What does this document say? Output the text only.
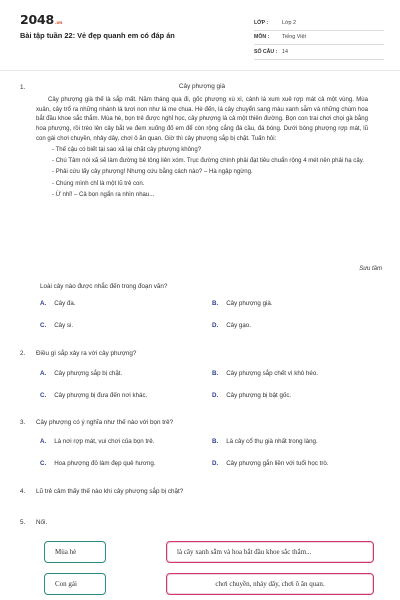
2048.vn
Bài tập tuần 22: Vẻ đẹp quanh em có đáp án
LỚP :	Lớp 2
MÔN :	Tiếng Việt
SỐ CÂU : 14
1.	Cây phượng già

Cây phượng già thế là sắp mất. Năm tháng qua đi, gốc phượng xù xì, cành lá xum xuê rợp mát cả một vùng. Mùa xuân, cây trổ ra những nhánh lá tươi non như lá me chua. Hè đến, lá cây chuyển sang màu xanh sẫm và những chùm hoa bắt đầu khoe sắc thắm. Mùa hè, bọn trẻ được nghỉ học, cây phượng là cả một thiên đường. Bọn con trai chơi chọi gà bằng hoa phượng, rồi trèo lên cây bắt ve đem xuống đố em để còn rộng cắng đá cầu, đá bóng. Dưới bóng phượng rợp mát, lũ con gái chơi chuyền, nhảy dây, chơi ô ăn quan. Giờ thì cây phượng sắp bị chặt. Tuấn hỏi:

- Thế cậu có biết tại sao xã lại chặt cây phượng không?

- Chú Tâm nói xã sẽ làm đường bê tông liên xóm. Trục đường chính phải đạt tiêu chuẩn rộng 4 mét nên phải hạ cây.

- Phải cứu lấy cây phượng! Nhưng cứu bằng cách nào? – Hà ngập ngừng.

- Chúng mình chỉ là một lũ trẻ con.

- Ừ nhỉ! – Cả bọn ngẩn ra nhìn nhau...

Sưu tầm
Loài cây nào được nhắc đến trong đoạn văn?
A. Cây đa.	B. Cây phượng già.
C. Cây si.	D. Cây gạo.
2. Điều gì sắp xảy ra với cây phượng?
A. Cây phượng sắp bị chặt.	B. Cây phượng sắp chết vì khô héo.
C. Cây phượng bị đưa đến nơi khác.	D. Cây phượng bị bật gốc.
3. Cây phượng có ý nghĩa như thế nào với bọn trẻ?
A. Là nơi rợp mát, vui chơi của bọn trẻ.	B. Là cây cổ thụ già nhất trong làng.
C. Hoa phượng đỏ làm đẹp quê hương.	D. Cây phượng gắn liền với tuổi học trò.
4. Lũ trẻ cảm thấy thế nào khi cây phượng sắp bị chặt?
5. Nối.
Mùa hè	là cây xanh sẫm và hoa bắt đầu khoe sắc thắm...
Con gái	chơi chuyền, nhảy dây, chơi ô ăn quan.
